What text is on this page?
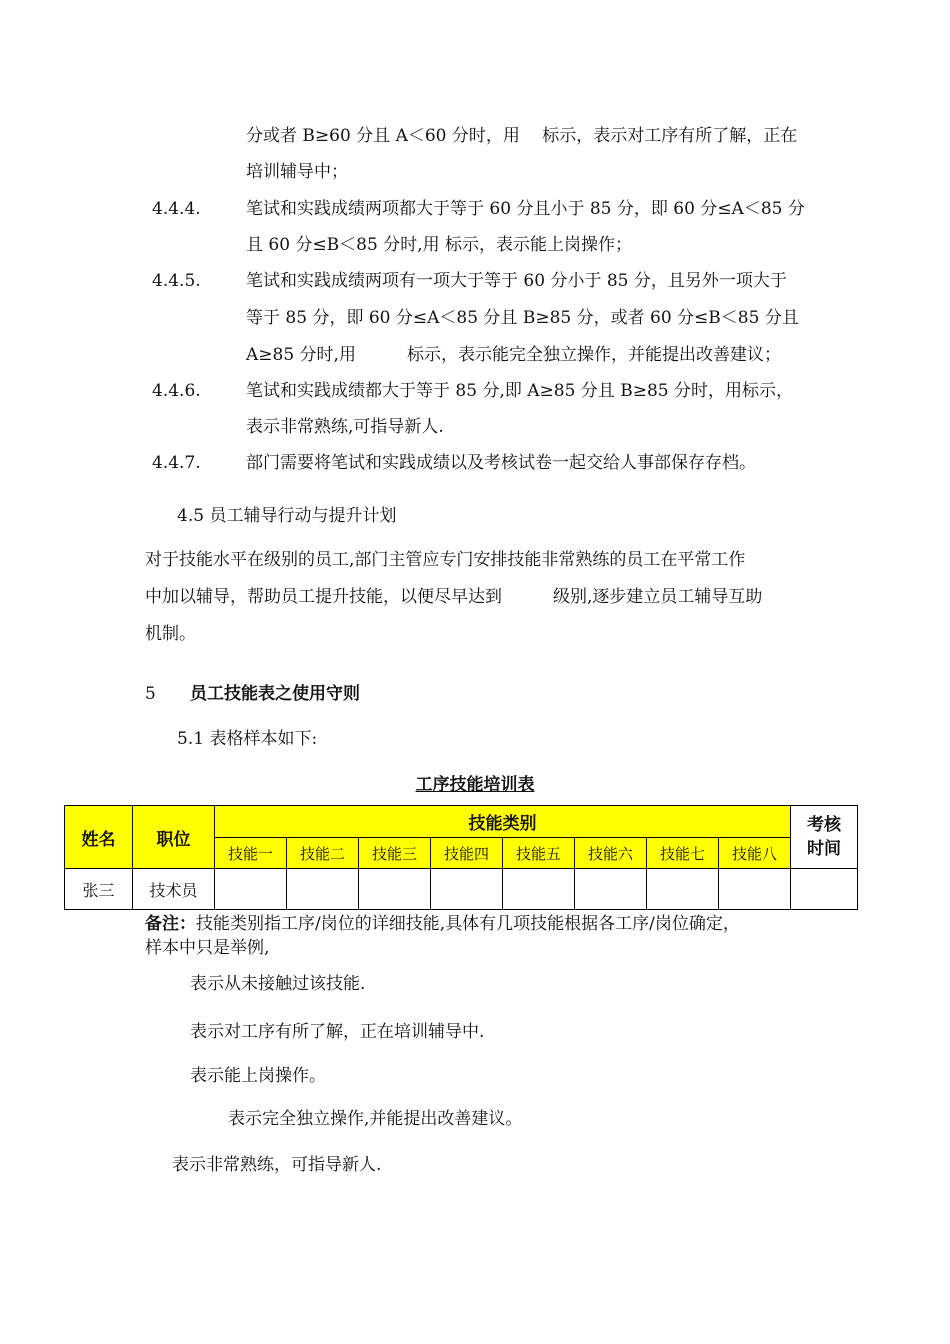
分或者 B≥60 分且 A＜60 分时，用　 标示，表示对工序有所了解，正在
培训辅导中；
4.4.4.	笔试和实践成绩两项都大于等于 60 分且小于 85 分，即 60 分≤A＜85 分
且 60 分≤B＜85 分时,用 标示，表示能上岗操作；
4.4.5.	笔试和实践成绩两项有一项大于等于 60 分小于 85 分，且另外一项大于
等于 85 分，即 60 分≤A＜85 分且 B≥85 分，或者 60 分≤B＜85 分且
A≥85 分时,用　　　标示，表示能完全独立操作，并能提出改善建议；
4.4.6.	笔试和实践成绩都大于等于 85 分,即 A≥85 分且 B≥85 分时，用标示，
表示非常熟练,可指导新人.
4.4.7.	部门需要将笔试和实践成绩以及考核试卷一起交给人事部保存存档。
4.5 员工辅导行动与提升计划
对于技能水平在级别的员工,部门主管应专门安排技能非常熟练的员工在平常工作
中加以辅导，帮助员工提升技能，以便尽早达到　　　级别,逐步建立员工辅导互助
机制。
5 员工技能表之使用守则
5.1 表格样本如下:
工序技能培训表
姓名	职位	技能类别								考核
时间

		技能一	技能二	技能三	技能四	技能五	技能六	技能七	技能八	
张三	技术员									
备注：技能类别指工序/岗位的详细技能,具体有几项技能根据各工序/岗位确定，
样本中只是举例,
表示从未接触过该技能.
表示对工序有所了解，正在培训辅导中.
表示能上岗操作。
表示完全独立操作,并能提出改善建议。
表示非常熟练，可指导新人.
